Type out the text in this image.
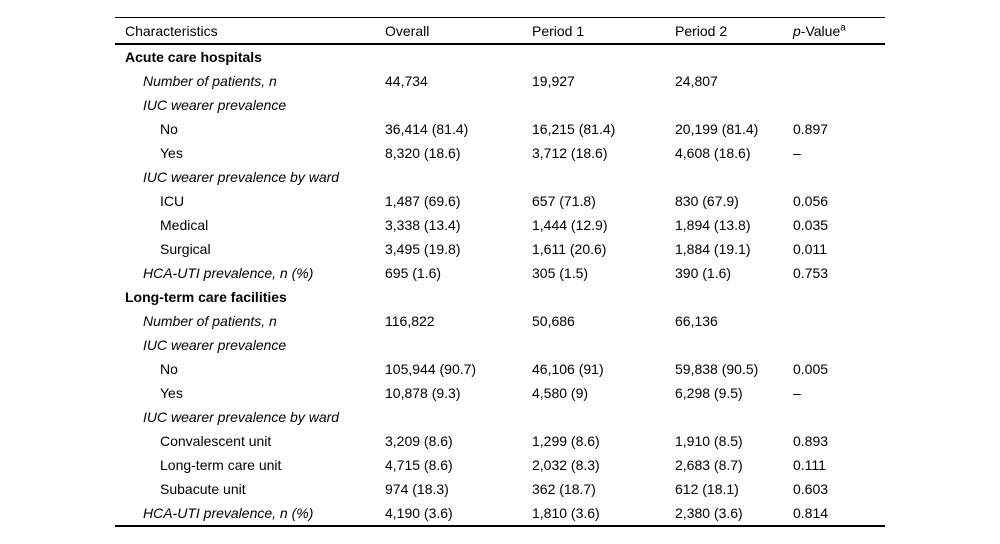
Characteristics	Overall	Period 1	Period 2	p-Value$^a$
Acute care hospitals				
Number of patients, n	44,734	19,927	24,807	
IUC wearer prevalence				
No	36,414 (81.4)	16,215 (81.4)	20,199 (81.4)	0.897
Yes	8,320 (18.6)	3,712 (18.6)	4,608 (18.6)	–
IUC wearer prevalence by ward				
ICU	1,487 (69.6)	657 (71.8)	830 (67.9)	0.056
Medical	3,338 (13.4)	1,444 (12.9)	1,894 (13.8)	0.035
Surgical	3,495 (19.8)	1,611 (20.6)	1,884 (19.1)	0.011
HCA-UTI prevalence, n (%)	695 (1.6)	305 (1.5)	390 (1.6)	0.753
Long-term care facilities				
Number of patients, n	116,822	50,686	66,136	
IUC wearer prevalence				
No	105,944 (90.7)	46,106 (91)	59,838 (90.5)	0.005
Yes	10,878 (9.3)	4,580 (9)	6,298 (9.5)	–
IUC wearer prevalence by ward				
Convalescent unit	3,209 (8.6)	1,299 (8.6)	1,910 (8.5)	0.893
Long-term care unit	4,715 (8.6)	2,032 (8.3)	2,683 (8.7)	0.111
Subacute unit	974 (18.3)	362 (18.7)	612 (18.1)	0.603
HCA-UTI prevalence, n (%)	4,190 (3.6)	1,810 (3.6)	2,380 (3.6)	0.814
